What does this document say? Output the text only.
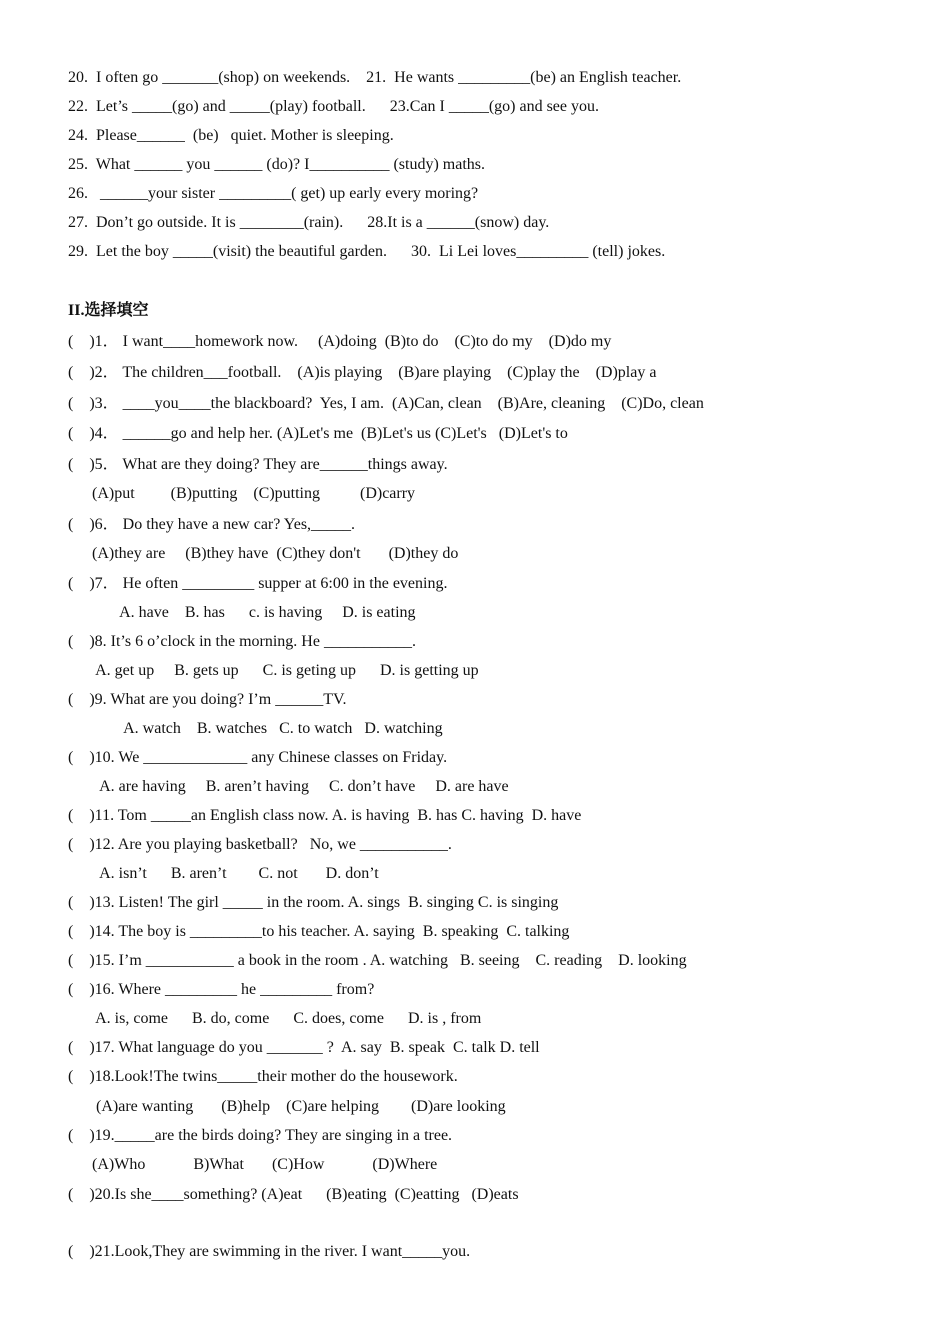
20.  I often go _______(shop) on weekends.    21.  He wants _________(be) an English teacher.
22.  Let’s _____(go) and _____(play) football.      23.Can I _____(go) and see you.
24.  Please______  (be)   quiet. Mother is sleeping.
25.  What ______ you ______ (do)? I__________ (study) maths.
26.   ______your sister _________( get) up early every moring?
27.  Don’t go outside. It is ________(rain).      28.It is a ______(snow) day.
29.  Let the boy _____(visit) the beautiful garden.      30.  Li Lei loves_________ (tell) jokes.
II.选择填空
(    )1． I want____homework now.     (A)doing  (B)to do    (C)to do my    (D)do my
(    )2． The children___football.    (A)is playing    (B)are playing    (C)play the    (D)play a
(    )3． ____you____the blackboard?  Yes, I am.  (A)Can, clean    (B)Are, cleaning    (C)Do, clean
(    )4． ______go and help her. (A)Let's me  (B)Let's us (C)Let's   (D)Let's to
(    )5． What are they doing? They are______things away.
(A)put         (B)putting    (C)putting          (D)carry
(    )6． Do they have a new car? Yes,_____.
(A)they are     (B)they have  (C)they don't       (D)they do
(    )7． He often _________ supper at 6:00 in the evening.
A. have    B. has      c. is having     D. is eating
(    )8. It’s 6 o’clock in the morning. He ___________.
A. get up     B. gets up      C. is geting up      D. is getting up
(    )9. What are you doing? I’m ______TV.
A. watch    B. watches   C. to watch   D. watching
(    )10. We _____________ any Chinese classes on Friday.
A. are having     B. aren’t having     C. don’t have     D. are have
(    )11. Tom _____an English class now. A. is having  B. has C. having  D. have
(    )12. Are you playing basketball?   No, we ___________.
A. isn’t      B. aren’t        C. not       D. don’t
(    )13. Listen! The girl _____ in the room. A. sings  B. singing C. is singing
(    )14. The boy is _________to his teacher. A. saying  B. speaking  C. talking
(    )15. I’m ___________ a book in the room . A. watching   B. seeing    C. reading    D. looking
(    )16. Where _________ he _________ from?
A. is, come      B. do, come      C. does, come      D. is , from
(    )17. What language do you _______ ?  A. say  B. speak  C. talk D. tell
(    )18.Look!The twins_____their mother do the housework.
(A)are wanting       (B)help    (C)are helping        (D)are looking
(    )19._____are the birds doing? They are singing in a tree.
(A)Who            B)What       (C)How            (D)Where
(    )20.Is she____something? (A)eat      (B)eating  (C)eatting   (D)eats
(    )21.Look,They are swimming in the river. I want_____you.
